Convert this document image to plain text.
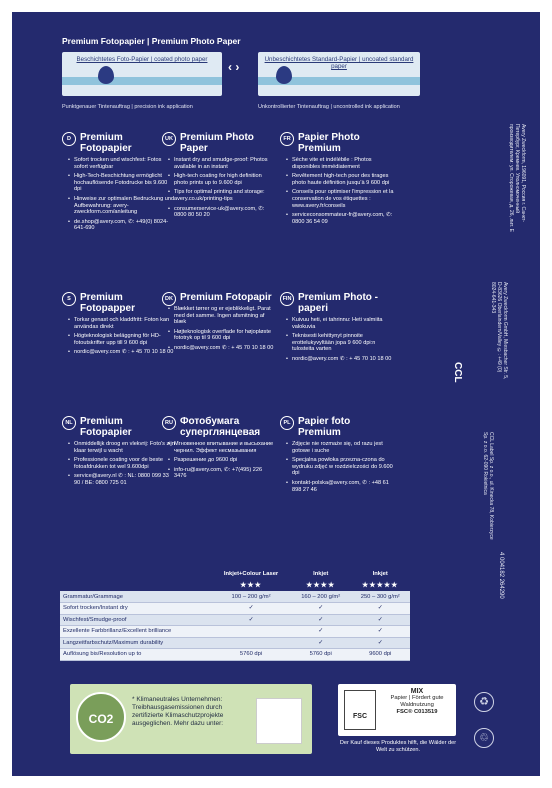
Premium Fotopapier | Premium Photo Paper
Beschichtetes Foto-Papier | coated photo paper
‹ ›
Unbeschichtetes Standard-Papier | uncoated standard paper
Punktgenauer Tintenauftrag | precision ink application	Unkontrollierter Tintenauftrag | uncontrolled ink application
D Premium Fotopapier
• Sofort trocken und wischfest: Fotos sofort verfügbar
• High-Tech-Beschichtung ermöglicht hochauflösende Fotodrucke bis 9.600 dpi
• Hinweise zur optimalen Bedruckung und Aufbewahrung: avery-zweckform.com/anleitung
• de.shop@avery.com, ✆: +49(0) 8024-641-690
UK Premium Photo Paper
• Instant dry and smudge-proof: Photos available in an instant
• High-tech coating for high definition photo prints up to 9.600 dpi
• Tips for optimal printing and storage: avery.co.uk/printing-tips
• consumerservice-uk@avery.com, ✆: 0800 80 50 20
FR Papier Photo Premium
• Sèche vite et indélébile : Photos disponibles immédiatement
• Revêtement high-tech pour des tirages photo haute définition jusqu'à 9 600 dpi
• Conseils pour optimiser l'impression et la conservation de vos étiquettes : www.avery.fr/conseils
• serviceconsommateur-fr@avery.com, ✆: 0800 36 54 09
S Premium Fotopapper
• Torkar genast och kladdfritt: Foton kan användas direkt
• Högteknologisk beläggning för HD-fotoutskrifter upp till 9 600 dpi
• nordic@avery.com ✆ : + 45 70 10 18 00
DK Premium Fotopapir
• Blækket tørrer og er ejeblikkeligt. Parat med det samme. Ingen afsmitning af blæk
• Højteknologisk overflade for højopløste fototryk op til 9 600 dpi
• nordic@avery.com ✆ : + 45 70 10 18 00
FIN Premium Photo -paperi
• Kuivuu heti, ei tahrinnu: Heti valmiita valokuvia
• Teknisesti kehittynyt pinnoite erottelukyvyltään jopa 9 600 dpi:n tulosteita varten
• nordic@avery.com ✆ : + 45 70 10 18 00
NL Premium Fotopapier
• Onmiddellijk droog en vlekvrij: Foto's zijn klaar terwijl u wacht
• Professionele coating voor de beste fotoafdrukken tot wel 9.600dpi
• service@avery.nl ✆ : NL: 0800 099 33 90 / BE: 0800 725 01
RU Фотобумага суперглянцевая
• Мгновенное впитывание и высыхание чернил. Эффект несмазывания
• Разрешение до 9600 dpi
• info-ru@avery.com, ✆: +7(495) 226 3476
PL Papier foto Premium
• Zdjęcie nie rozmaże się, od razu jest gotowe i suche
• Specjalna powłoka przezna-czona do wydruku zdjęć w rozdzielczości do 9.600 dpi
• kontakt-polska@avery.com, ✆ : +48 61 898 27 46
Avery Zweckform, 196091, Россия г. Санкт-Петербург, Кремнев. Уполномоченный производителем: ул. Сторожевая, д. 26, лит. Е
Avery Zweckform GmbH, Miesbacher Str. 5, D-83626 Oberlaindern/Valley ✆: +49 (0) 8024-641-343
CCL
CCL Label Sp. z o.o., ul. Kinecka 78, Kobierzyce Sp. z o.o. 62-090 Rokietnica
4 004182 264290
	Inkjet+Colour Laser	Inkjet	Inkjet
	★★★	★★★★	★★★★★
Grammatur/Grammage	100 – 200 g/m²	160 – 200 g/m²	250 – 300 g/m²
Sofort trocken/Instant dry	✓	✓	✓
Wischfest/Smudge-proof	✓	✓	✓
Exzellente Farbbrillanz/Excellent brilliance		✓	✓
Langzeitfarbschutz/Maximum durability		✓	✓
Auflösung bis/Resolution up to	5760 dpi	5760 dpi	9600 dpi
CO2
* Klimaneutrales Unternehmen: Treibhausgasemissionen durch zertifizierte Klimaschutzprojekte ausgeglichen. Mehr dazu unter:
FSC
MIX
Papier | Fördert gute Waldnutzung
FSC® C013519
Der Kauf dieses Produktes hilft, die Wälder der Welt zu schützen.
♻
♲
